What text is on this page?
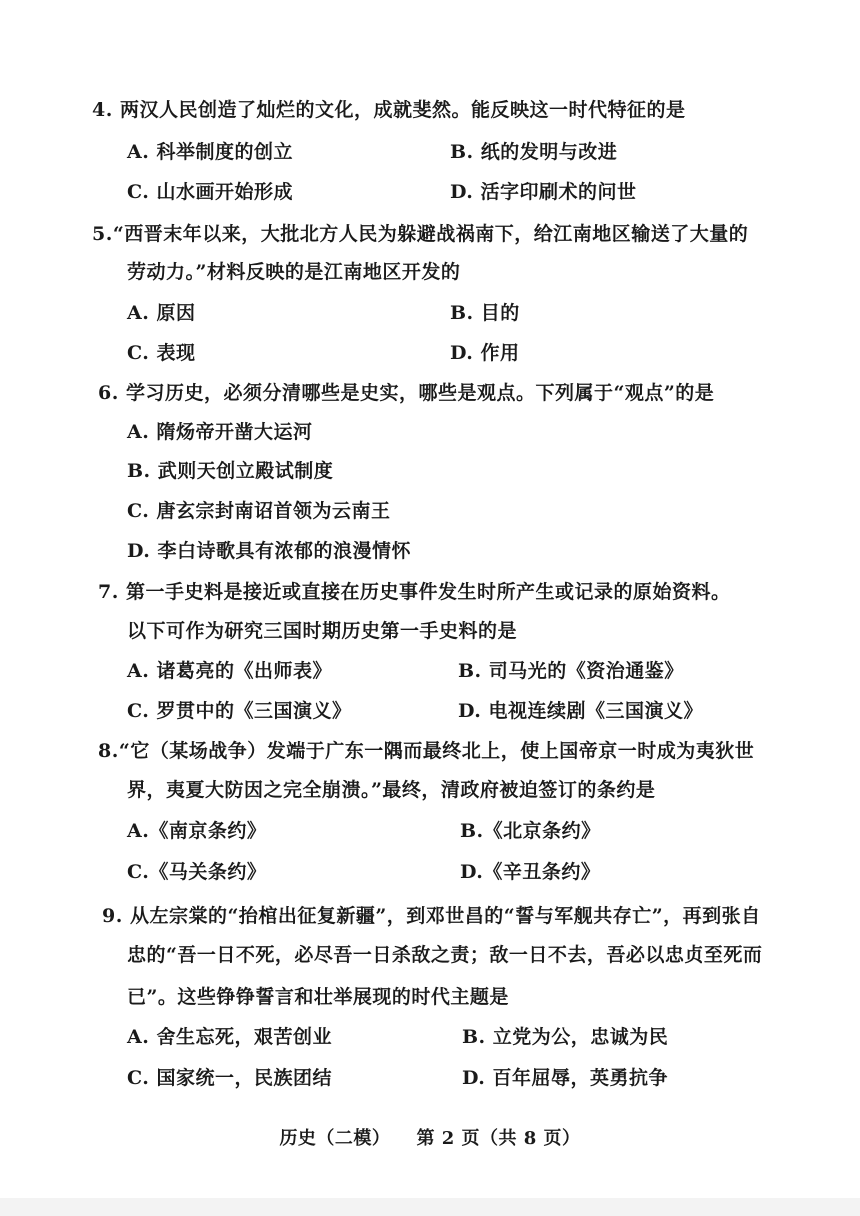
4. 两汉人民创造了灿烂的文化，成就斐然。能反映这一时代特征的是
A. 科举制度的创立	B. 纸的发明与改进
C. 山水画开始形成	D. 活字印刷术的问世
5.“西晋末年以来，大批北方人民为躲避战祸南下，给江南地区输送了大量的
劳动力。”材料反映的是江南地区开发的
A. 原因	B. 目的
C. 表现	D. 作用
6. 学习历史，必须分清哪些是史实，哪些是观点。下列属于“观点”的是
A. 隋炀帝开凿大运河
B. 武则天创立殿试制度
C. 唐玄宗封南诏首领为云南王
D. 李白诗歌具有浓郁的浪漫情怀
7. 第一手史料是接近或直接在历史事件发生时所产生或记录的原始资料。
以下可作为研究三国时期历史第一手史料的是
A. 诸葛亮的《出师表》	B. 司马光的《资治通鉴》
C. 罗贯中的《三国演义》	D. 电视连续剧《三国演义》
8.“它（某场战争）发端于广东一隅而最终北上，使上国帝京一时成为夷狄世
界，夷夏大防因之完全崩溃。”最终，清政府被迫签订的条约是
A.《南京条约》	B.《北京条约》
C.《马关条约》	D.《辛丑条约》
9. 从左宗棠的“抬棺出征复新疆”，到邓世昌的“誓与军舰共存亡”，再到张自
忠的“吾一日不死，必尽吾一日杀敌之责；敌一日不去，吾必以忠贞至死而
已”。这些铮铮誓言和壮举展现的时代主题是
A. 舍生忘死，艰苦创业	B. 立党为公，忠诚为民
C. 国家统一，民族团结	D. 百年屈辱，英勇抗争
历史（二模） 第 2 页（共 8 页）
